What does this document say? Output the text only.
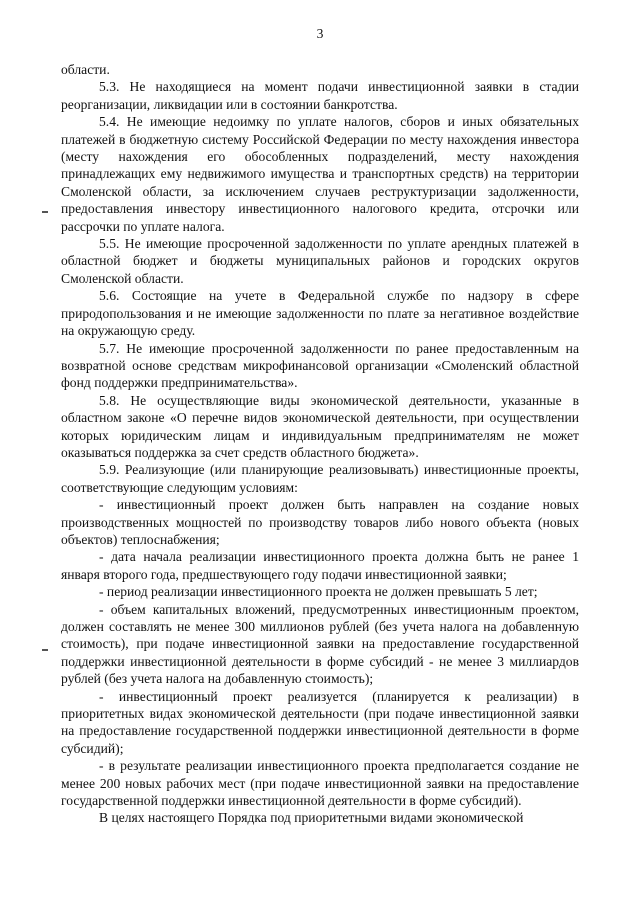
3

области.

5.3. Не находящиеся на момент подачи инвестиционной заявки в стадии реорганизации, ликвидации или в состоянии банкротства.

5.4. Не имеющие недоимку по уплате налогов, сборов и иных обязательных платежей в бюджетную систему Российской Федерации по месту нахождения инвестора (месту нахождения его обособленных подразделений, месту нахождения принадлежащих ему недвижимого имущества и транспортных средств) на территории Смоленской области, за исключением случаев реструктуризации задолженности, предоставления инвестору инвестиционного налогового кредита, отсрочки или рассрочки по уплате налога.

5.5. Не имеющие просроченной задолженности по уплате арендных платежей в областной бюджет и бюджеты муниципальных районов и городских округов Смоленской области.

5.6. Состоящие на учете в Федеральной службе по надзору в сфере природопользования и не имеющие задолженности по плате за негативное воздействие на окружающую среду.

5.7. Не имеющие просроченной задолженности по ранее предоставленным на возвратной основе средствам микрофинансовой организации «Смоленский областной фонд поддержки предпринимательства».

5.8. Не осуществляющие виды экономической деятельности, указанные в областном законе «О перечне видов экономической деятельности, при осуществлении которых юридическим лицам и индивидуальным предпринимателям не может оказываться поддержка за счет средств областного бюджета».

5.9. Реализующие (или планирующие реализовывать) инвестиционные проекты, соответствующие следующим условиям:

- инвестиционный проект должен быть направлен на создание новых производственных мощностей по производству товаров либо нового объекта (новых объектов) теплоснабжения;

- дата начала реализации инвестиционного проекта должна быть не ранее 1 января второго года, предшествующего году подачи инвестиционной заявки;

- период реализации инвестиционного проекта не должен превышать 5 лет;

- объем капитальных вложений, предусмотренных инвестиционным проектом, должен составлять не менее 300 миллионов рублей (без учета налога на добавленную стоимость), при подаче инвестиционной заявки на предоставление государственной поддержки инвестиционной деятельности в форме субсидий - не менее 3 миллиардов рублей (без учета налога на добавленную стоимость);

- инвестиционный проект реализуется (планируется к реализации) в приоритетных видах экономической деятельности (при подаче инвестиционной заявки на предоставление государственной поддержки инвестиционной деятельности в форме субсидий);

- в результате реализации инвестиционного проекта предполагается создание не менее 200 новых рабочих мест (при подаче инвестиционной заявки на предоставление государственной поддержки инвестиционной деятельности в форме субсидий).

В целях настоящего Порядка под приоритетными видами экономической
